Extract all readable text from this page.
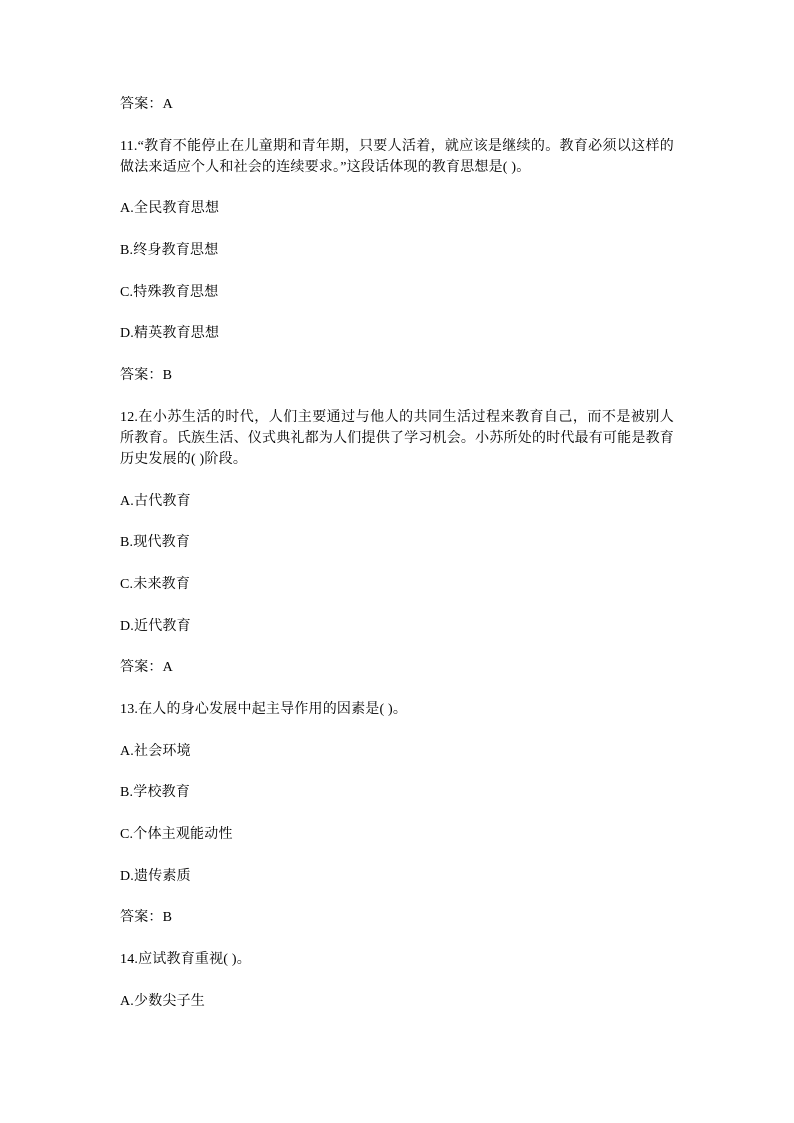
答案：A

11.“教育不能停止在儿童期和青年期，只要人活着，就应该是继续的。教育必须以这样的做法来适应个人和社会的连续要求。”这段话体现的教育思想是( )。

A.全民教育思想

B.终身教育思想

C.特殊教育思想

D.精英教育思想

答案：B

12.在小苏生活的时代，人们主要通过与他人的共同生活过程来教育自己，而不是被别人所教育。氏族生活、仪式典礼都为人们提供了学习机会。小苏所处的时代最有可能是教育历史发展的( )阶段。

A.古代教育

B.现代教育

C.未来教育

D.近代教育

答案：A

13.在人的身心发展中起主导作用的因素是( )。

A.社会环境

B.学校教育

C.个体主观能动性

D.遗传素质

答案：B

14.应试教育重视( )。

A.少数尖子生
